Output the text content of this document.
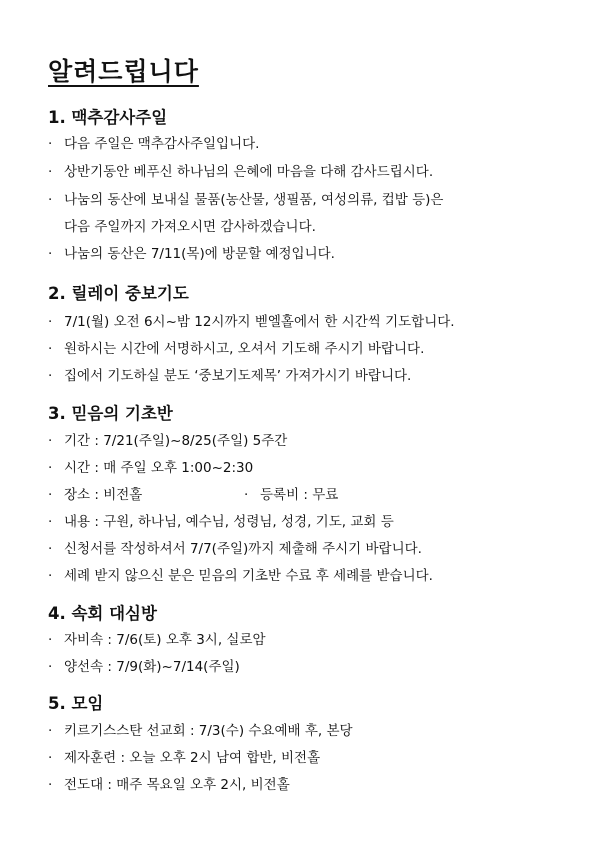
알려드립니다
1. 맥추감사주일
· 다음 주일은 맥추감사주일입니다.
· 상반기동안 베푸신 하나님의 은혜에 마음을 다해 감사드립시다.
· 나눔의 동산에 보내실 물품(농산물, 생필품, 여성의류, 컵밥 등)은
다음 주일까지 가져오시면 감사하겠습니다.
· 나눔의 동산은 7/11(목)에 방문할 예정입니다.
2. 릴레이 중보기도
· 7/1(월) 오전 6시~밤 12시까지 벧엘홀에서 한 시간씩 기도합니다.
· 원하시는 시간에 서명하시고, 오셔서 기도해 주시기 바랍니다.
· 집에서 기도하실 분도 ‘중보기도제목’ 가져가시기 바랍니다.
3. 믿음의 기초반
· 기간 : 7/21(주일)~8/25(주일) 5주간
· 시간 : 매 주일 오후 1:00~2:30
· 장소 : 비전홀	· 등록비 : 무료
· 내용 : 구원, 하나님, 예수님, 성령님, 성경, 기도, 교회 등
· 신청서를 작성하셔서 7/7(주일)까지 제출해 주시기 바랍니다.
· 세례 받지 않으신 분은 믿음의 기초반 수료 후 세례를 받습니다.
4. 속회 대심방
· 자비속 : 7/6(토) 오후 3시, 실로암
· 양선속 : 7/9(화)~7/14(주일)
5. 모임
· 키르기스스탄 선교회 : 7/3(수) 수요예배 후, 본당
· 제자훈련 : 오늘 오후 2시 남여 합반, 비전홀
· 전도대 : 매주 목요일 오후 2시, 비전홀
